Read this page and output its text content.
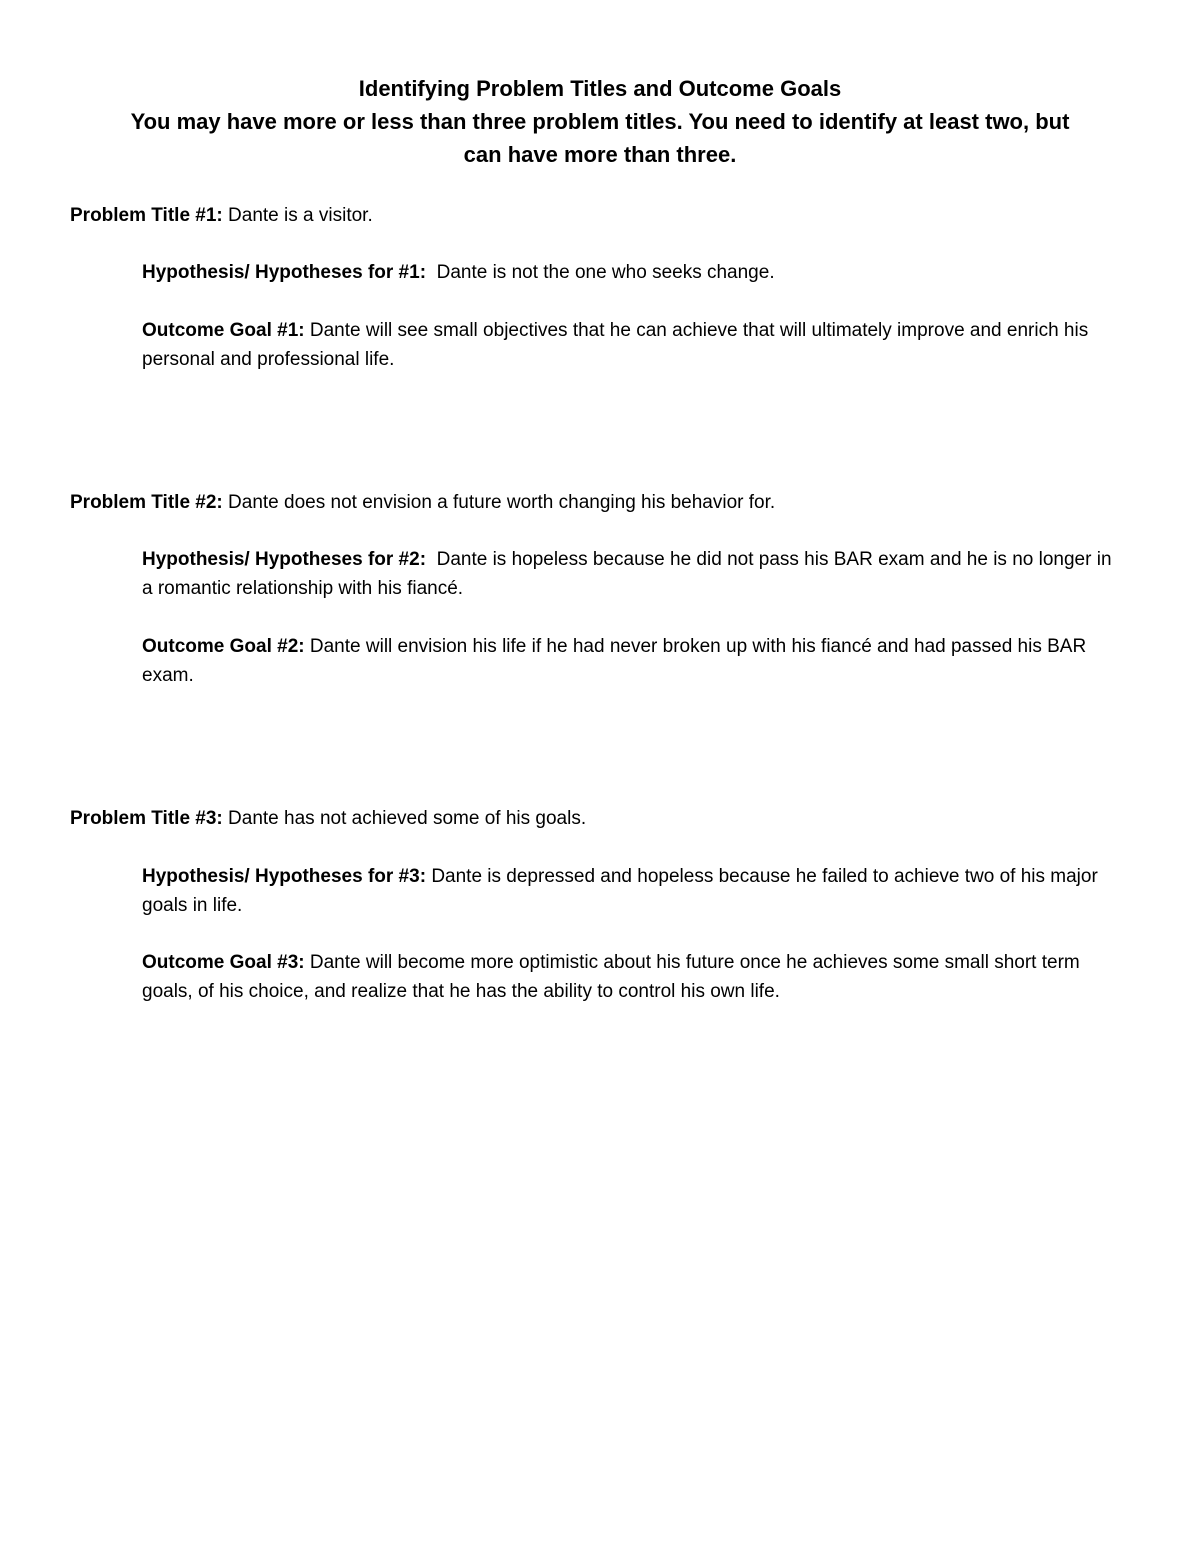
Identifying Problem Titles and Outcome Goals
You may have more or less than three problem titles. You need to identify at least two, but
can have more than three.
Problem Title #1: Dante is a visitor.
Hypothesis/ Hypotheses for #1: Dante is not the one who seeks change.
Outcome Goal #1: Dante will see small objectives that he can achieve that will ultimately improve and enrich his personal and professional life.
Problem Title #2: Dante does not envision a future worth changing his behavior for.
Hypothesis/ Hypotheses for #2: Dante is hopeless because he did not pass his BAR exam and he is no longer in a romantic relationship with his fiancé.
Outcome Goal #2: Dante will envision his life if he had never broken up with his fiancé and had passed his BAR exam.
Problem Title #3: Dante has not achieved some of his goals.
Hypothesis/ Hypotheses for #3: Dante is depressed and hopeless because he failed to achieve two of his major goals in life.
Outcome Goal #3: Dante will become more optimistic about his future once he achieves some small short term goals, of his choice, and realize that he has the ability to control his own life.
